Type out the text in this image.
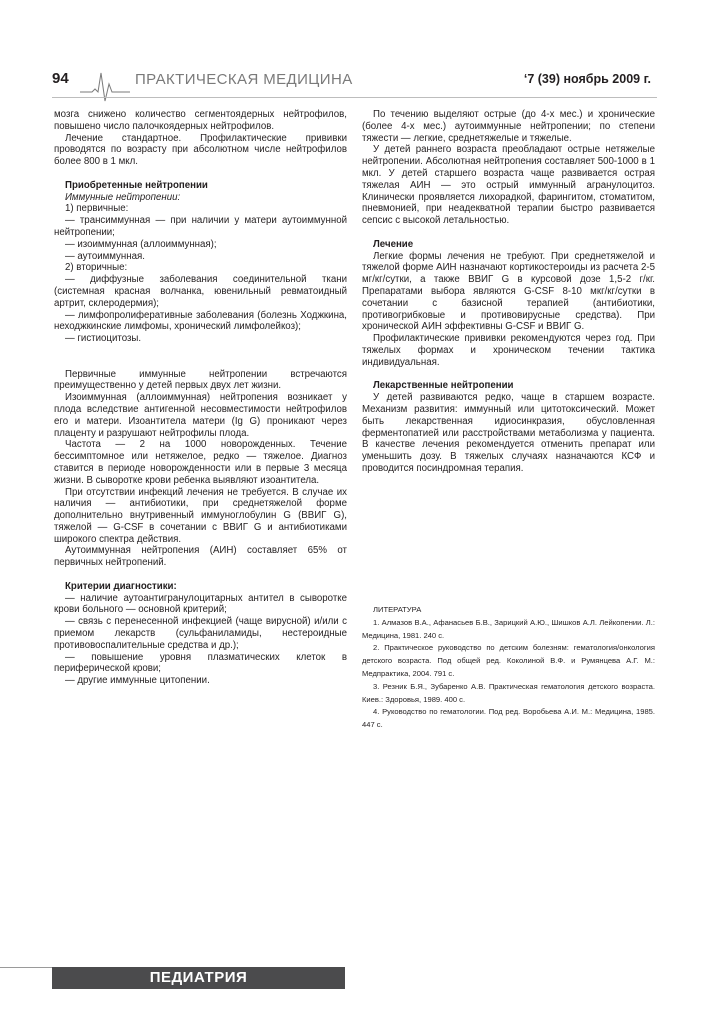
94	ПРАКТИЧЕСКАЯ МЕДИЦИНА	‘7 (39) ноябрь 2009 г.

мозга снижено количество сегментоядерных нейтрофилов, повышено число палочкоядерных нейтрофилов.

Лечение стандартное. Профилактические прививки проводятся по возрасту при абсолютном числе нейтрофилов более 800 в 1 мкл.

Приобретенные нейтропении

Иммунные нейтропении:

1) первичные:

— трансиммунная — при наличии у матери аутоиммунной нейтропении;

— изоиммунная (аллоиммунная);

— аутоиммунная.

2) вторичные:

— диффузные заболевания соединительной ткани (системная красная волчанка, ювенильный ревматоидный артрит, склеродермия);

— лимфопролиферативные заболевания (болезнь Ходжкина, неходжкинские лимфомы, хронический лимфолейкоз);

— гистиоцитозы.

Первичные иммунные нейтропении встречаются преимущественно у детей первых двух лет жизни.

Изоиммунная (аллоиммунная) нейтропения возникает у плода вследствие антигенной несовместимости нейтрофилов его и матери. Изоантитела матери (Ig G) проникают через плаценту и разрушают нейтрофилы плода.

Частота — 2 на 1000 новорожденных. Течение бессимптомное или нетяжелое, редко — тяжелое. Диагноз ставится в периоде новорожденности или в первые 3 месяца жизни. В сыворотке крови ребенка выявляют изоантитела.

При отсутствии инфекций лечения не требуется. В случае их наличия — антибиотики, при среднетяжелой форме дополнительно внутривенный иммуноглобулин G (ВВИГ G), тяжелой — G-CSF в сочетании с ВВИГ G и антибиотиками широкого спектра действия.

Аутоиммунная нейтропения (АИН) составляет 65% от первичных нейтропений.

Критерии диагностики:

— наличие аутоантигранулоцитарных антител в сыворотке крови больного — основной критерий;

— связь с перенесенной инфекцией (чаще вирусной) и/или с приемом лекарств (сульфаниламиды, нестероидные противовоспалительные средства и др.);

— повышение уровня плазматических клеток в периферической крови;

— другие иммунные цитопении.

По течению выделяют острые (до 4-х мес.) и хронические (более 4-х мес.) аутоиммунные нейтропении; по степени тяжести — легкие, среднетяжелые и тяжелые.

У детей раннего возраста преобладают острые нетяжелые нейтропении. Абсолютная нейтропения составляет 500-1000 в 1 мкл. У детей старшего возраста чаще развивается острая тяжелая АИН — это острый иммунный агранулоцитоз. Клинически проявляется лихорадкой, фарингитом, стоматитом, пневмонией, при неадекватной терапии быстро развивается сепсис с высокой летальностью.

Лечение

Легкие формы лечения не требуют. При среднетяжелой и тяжелой форме АИН назначают кортикостероиды из расчета 2-5 мг/кг/сутки, а также ВВИГ G в курсовой дозе 1,5-2 г/кг. Препаратами выбора являются G-CSF 8-10 мкг/кг/сутки в сочетании с базисной терапией (антибиотики, противогрибковые и противовирусные средства). При хронической АИН эффективны G-CSF и ВВИГ G.

Профилактические прививки рекомендуются через год. При тяжелых формах и хроническом течении тактика индивидуальная.

Лекарственные нейтропении

У детей развиваются редко, чаще в старшем возрасте. Механизм развития: иммунный или цитотоксический. Может быть лекарственная идиосинкразия, обусловленная ферментопатией или расстройствами метаболизма у пациента. В качестве лечения рекомендуется отменить препарат или уменьшить дозу. В тяжелых случаях назначаются КСФ и проводится посиндромная терапия.

ЛИТЕРАТУРА

1. Алмазов В.А., Афанасьев Б.В., Зарицкий А.Ю., Шишков А.Л. Лейкопении. Л.: Медицина, 1981. 240 с.

2. Практическое руководство по детским болезням: гематология/онкология детского возраста. Под общей ред. Коколиной В.Ф. и Румянцева А.Г. М.: Медпрактика, 2004. 791 с.

3. Резник Б.Я., Зубаренко А.В. Практическая гематология детского возраста. Киев.: Здоровья, 1989. 400 с.

4. Руководство по гематологии. Под ред. Воробьева А.И. М.: Медицина, 1985. 447 с.

ПЕДИАТРИЯ
